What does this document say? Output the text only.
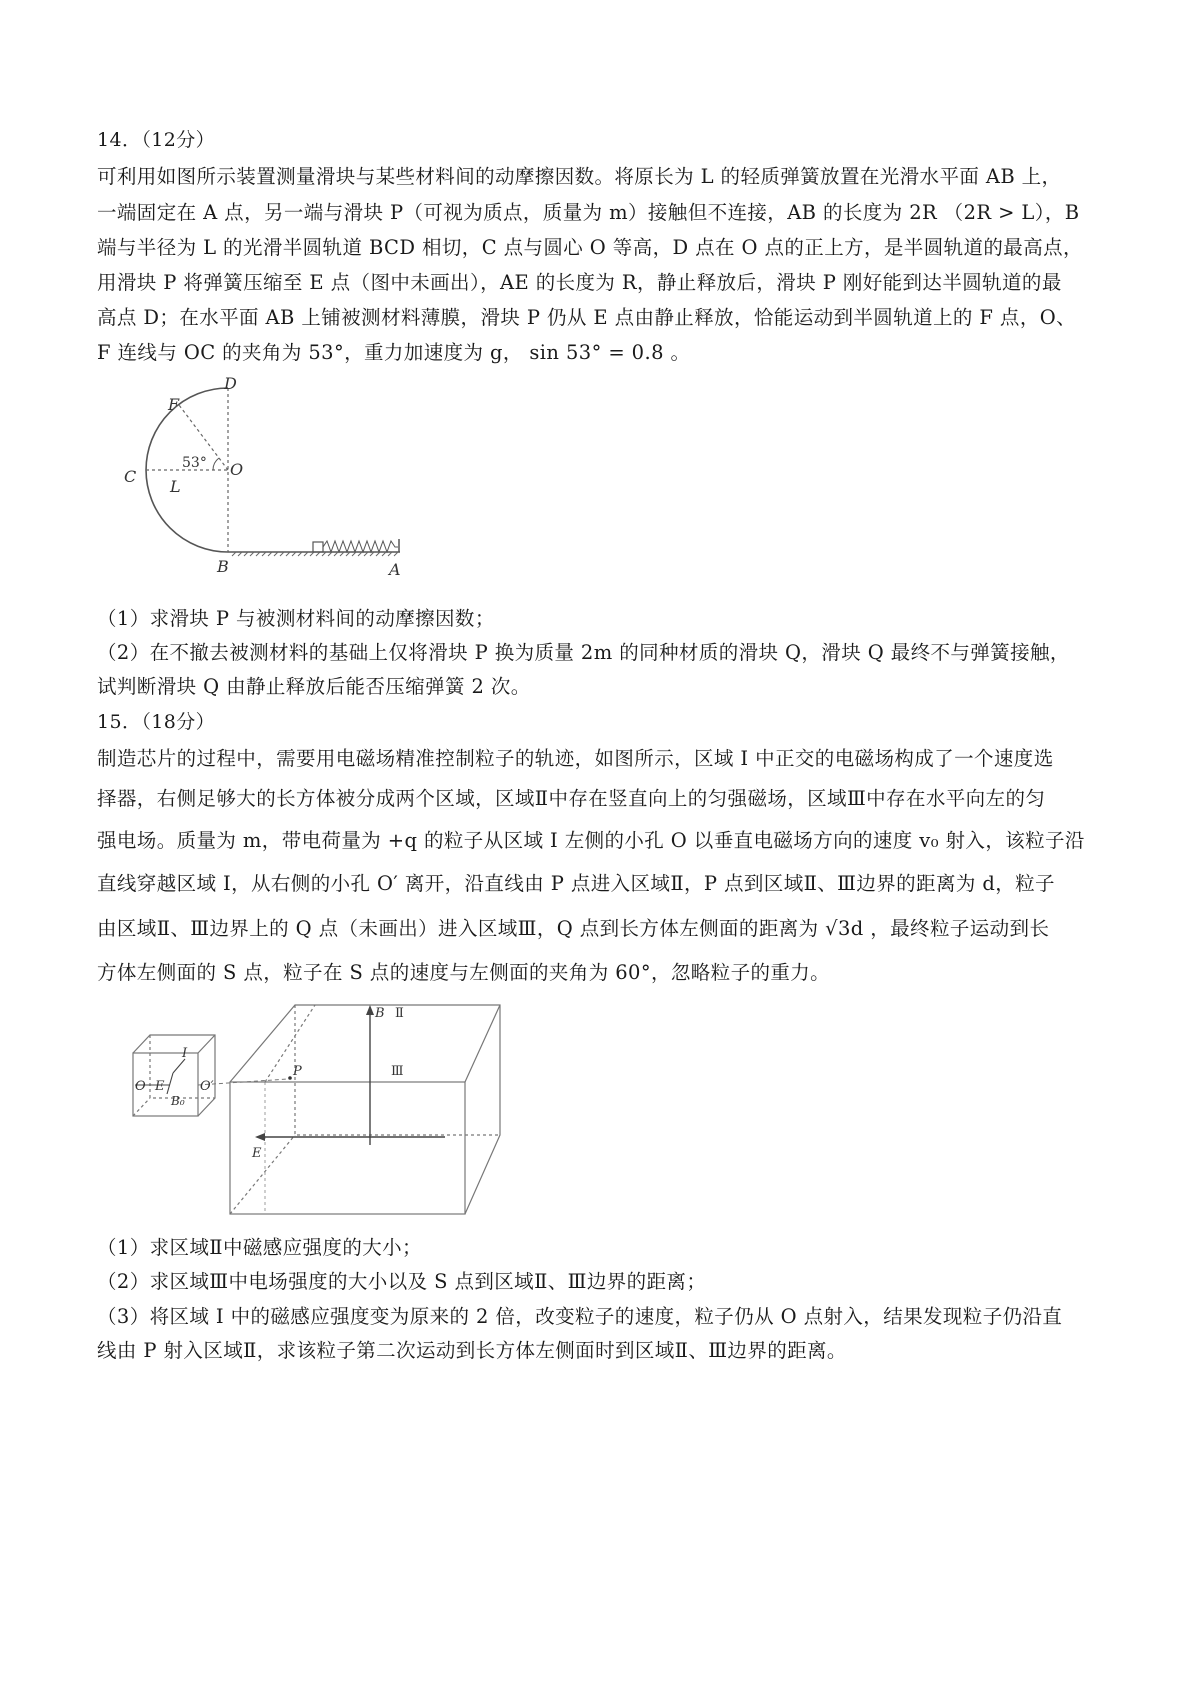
14．（12分）
可利用如图所示装置测量滑块与某些材料间的动摩擦因数。将原长为 L 的轻质弹簧放置在光滑水平面 AB 上，
一端固定在 A 点，另一端与滑块 P（可视为质点，质量为 m）接触但不连接，AB 的长度为 2R （2R > L），B
端与半径为 L 的光滑半圆轨道 BCD 相切，C 点与圆心 O 等高，D 点在 O 点的正上方，是半圆轨道的最高点，
用滑块 P 将弹簧压缩至 E 点（图中未画出），AE 的长度为 R，静止释放后，滑块 P 刚好能到达半圆轨道的最
高点 D；在水平面 AB 上铺被测材料薄膜，滑块 P 仍从 E 点由静止释放，恰能运动到半圆轨道上的 F 点，O、
F 连线与 OC 的夹角为 53°，重力加速度为 g， sin 53° = 0.8 。
D
F
C	O
L
B	A
53°
（1）求滑块 P 与被测材料间的动摩擦因数；
（2）在不撤去被测材料的基础上仅将滑块 P 换为质量 2m 的同种材质的滑块 Q，滑块 Q 最终不与弹簧接触，
试判断滑块 Q 由静止释放后能否压缩弹簧 2 次。
15．（18分）
制造芯片的过程中，需要用电磁场精准控制粒子的轨迹，如图所示，区域 I 中正交的电磁场构成了一个速度选
择器，右侧足够大的长方体被分成两个区域，区域Ⅱ中存在竖直向上的匀强磁场，区域Ⅲ中存在水平向左的匀
强电场。质量为 m，带电荷量为 +q 的粒子从区域 I 左侧的小孔 O 以垂直电磁场方向的速度 v₀ 射入，该粒子沿
直线穿越区域 I，从右侧的小孔 O′ 离开，沿直线由 P 点进入区域Ⅱ，P 点到区域Ⅱ、Ⅲ边界的距离为 d，粒子
由区域Ⅱ、Ⅲ边界上的 Q 点（未画出）进入区域Ⅲ，Q 点到长方体左侧面的距离为 √3d ，最终粒子运动到长
方体左侧面的 S 点，粒子在 S 点的速度与左侧面的夹角为 60°，忽略粒子的重力。
O E
B₀
I
O′
P
B Ⅱ
Ⅲ
E
（1）求区域Ⅱ中磁感应强度的大小；
（2）求区域Ⅲ中电场强度的大小以及 S 点到区域Ⅱ、Ⅲ边界的距离；
（3）将区域 I 中的磁感应强度变为原来的 2 倍，改变粒子的速度，粒子仍从 O 点射入，结果发现粒子仍沿直
线由 P 射入区域Ⅱ，求该粒子第二次运动到长方体左侧面时到区域Ⅱ、Ⅲ边界的距离。
